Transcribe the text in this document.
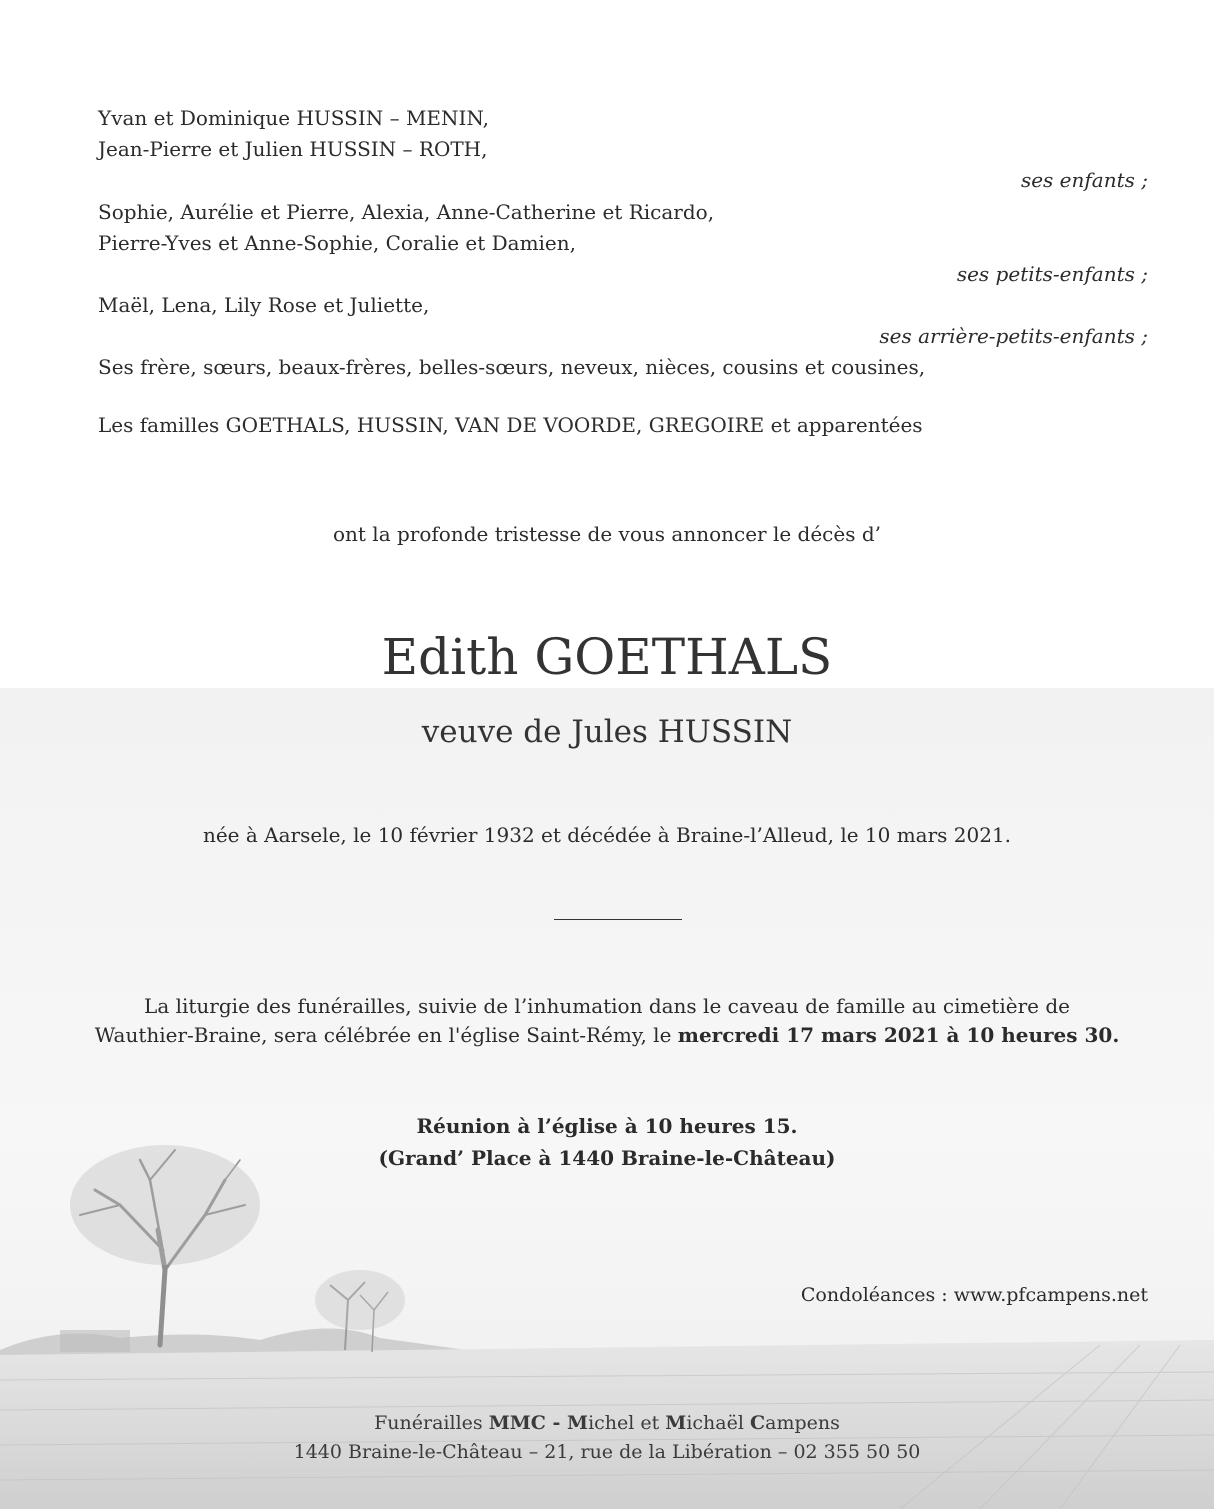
Yvan et Dominique HUSSIN – MENIN,
Jean-Pierre et Julien HUSSIN – ROTH,
ses enfants ;
Sophie, Aurélie et Pierre, Alexia, Anne-Catherine et Ricardo,
Pierre-Yves et Anne-Sophie, Coralie et Damien,
ses petits-enfants ;
Maël, Lena, Lily Rose et Juliette,
ses arrière-petits-enfants ;
Ses frère, sœurs, beaux-frères, belles-sœurs, neveux, nièces, cousins et cousines,
Les familles GOETHALS, HUSSIN, VAN DE VOORDE, GREGOIRE et apparentées
ont la profonde tristesse de vous annoncer le décès d’
Edith GOETHALS
veuve de Jules HUSSIN
née à Aarsele, le 10 février 1932 et décédée à Braine-l’Alleud, le 10 mars 2021.
La liturgie des funérailles, suivie de l’inhumation dans le caveau de famille au cimetière de
Wauthier-Braine, sera célébrée en l'église Saint-Rémy, le mercredi 17 mars 2021 à 10 heures 30.
Réunion à l’église à 10 heures 15.
(Grand’ Place à 1440 Braine-le-Château)
Condoléances : www.pfcampens.net
Funérailles MMC - Michel et Michaël Campens
1440 Braine-le-Château – 21, rue de la Libération – 02 355 50 50
